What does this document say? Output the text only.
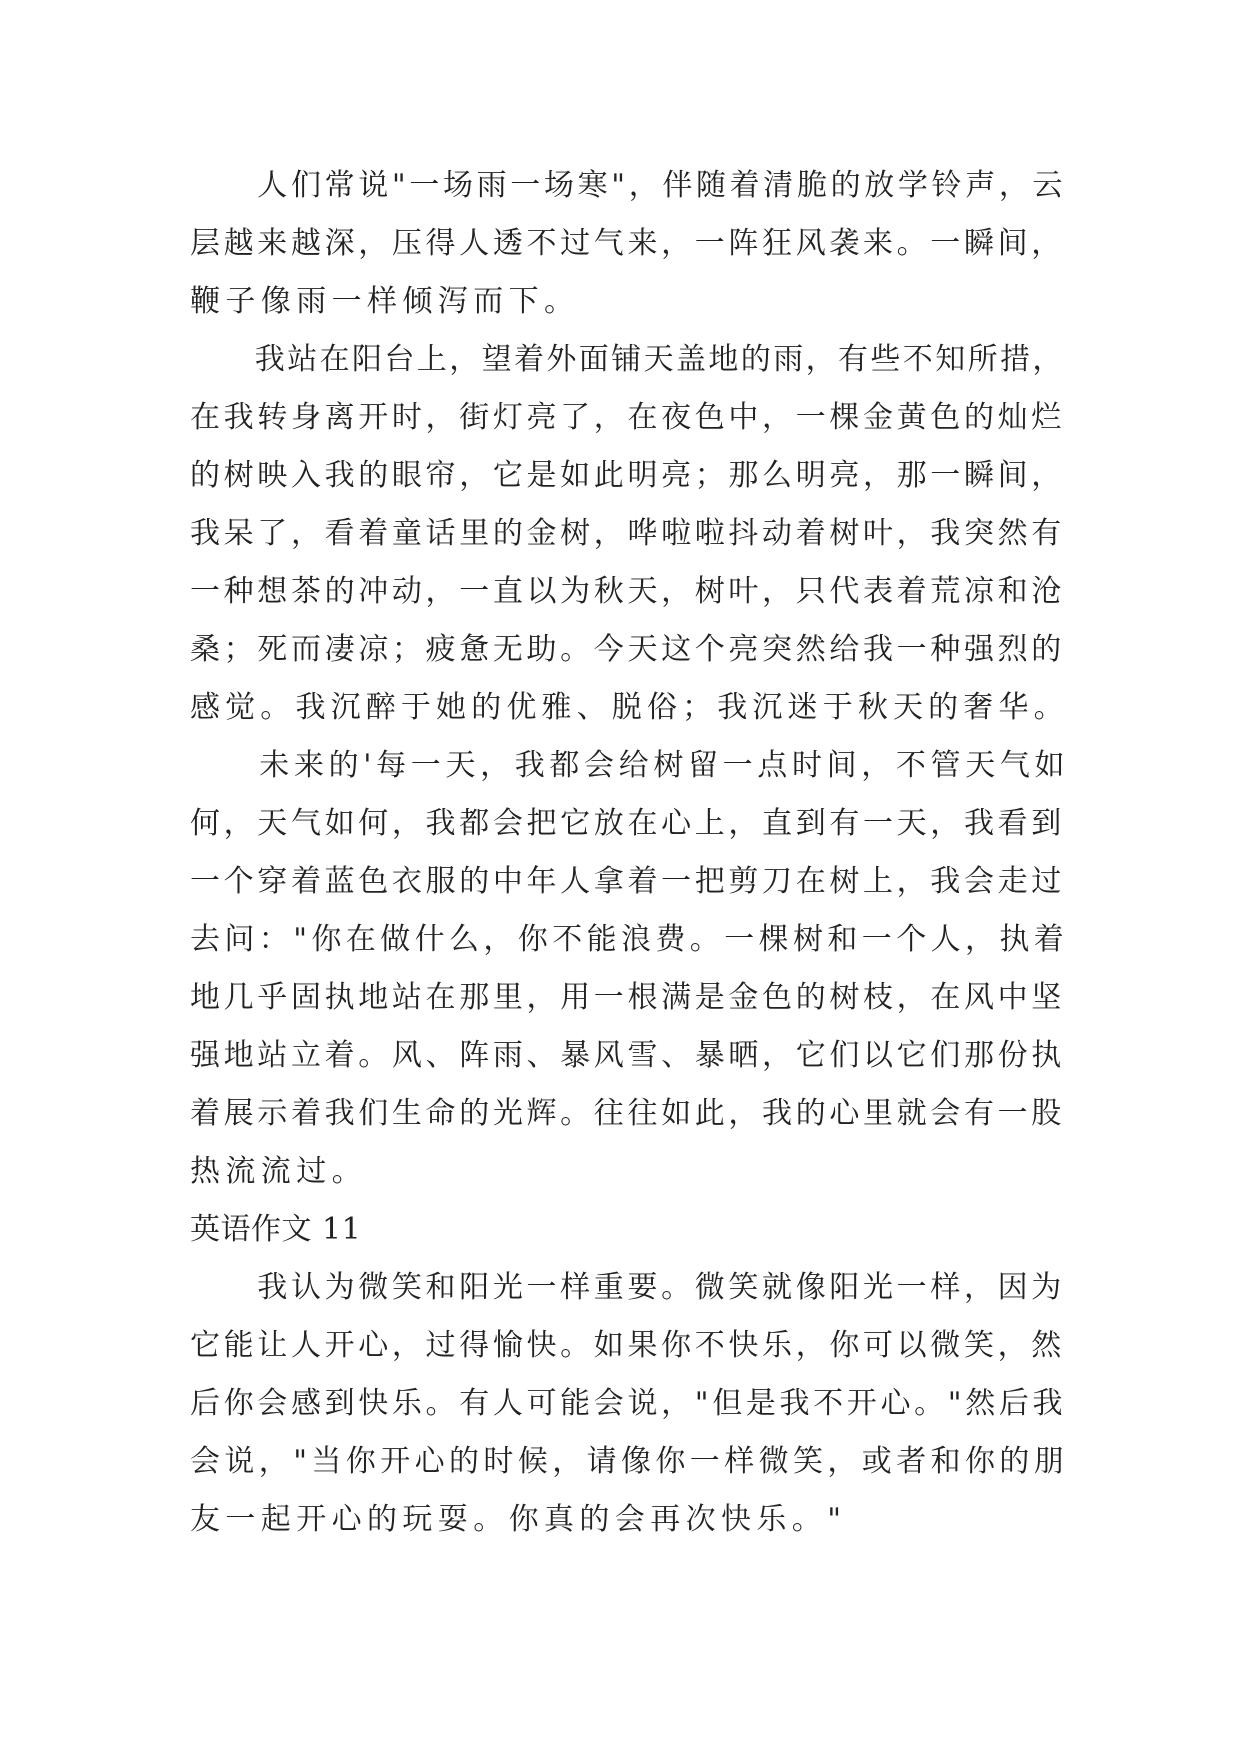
　　人们常说"一场雨一场寒"，伴随着清脆的放学铃声，云
层越来越深，压得人透不过气来，一阵狂风袭来。一瞬间，
鞭子像雨一样倾泻而下。
　　我站在阳台上，望着外面铺天盖地的雨，有些不知所措，
在我转身离开时，街灯亮了，在夜色中，一棵金黄色的灿烂
的树映入我的眼帘，它是如此明亮；那么明亮，那一瞬间，
我呆了，看着童话里的金树，哗啦啦抖动着树叶，我突然有
一种想茶的冲动，一直以为秋天，树叶，只代表着荒凉和沧
桑；死而凄凉；疲惫无助。今天这个亮突然给我一种强烈的
感觉。我沉醉于她的优雅、脱俗；我沉迷于秋天的奢华。
　　未来的'每一天，我都会给树留一点时间，不管天气如
何，天气如何，我都会把它放在心上，直到有一天，我看到
一个穿着蓝色衣服的中年人拿着一把剪刀在树上，我会走过
去问："你在做什么，你不能浪费。一棵树和一个人，执着
地几乎固执地站在那里，用一根满是金色的树枝，在风中坚
强地站立着。风、阵雨、暴风雪、暴晒，它们以它们那份执
着展示着我们生命的光辉。往往如此，我的心里就会有一股
热流流过。
英语作文 11
　　我认为微笑和阳光一样重要。微笑就像阳光一样，因为
它能让人开心，过得愉快。如果你不快乐，你可以微笑，然
后你会感到快乐。有人可能会说，"但是我不开心。"然后我
会说，"当你开心的时候，请像你一样微笑，或者和你的朋
友一起开心的玩耍。你真的会再次快乐。"
